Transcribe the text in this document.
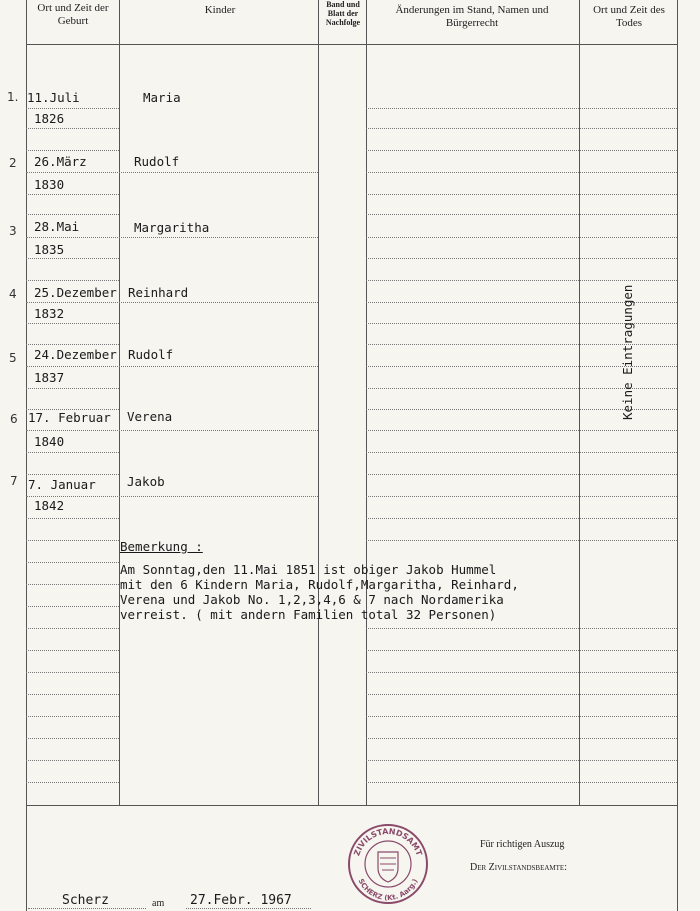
Ort und Zeit der Geburt
Kinder	Band und Blatt der Nachfolge
Änderungen im Stand, Namen und Bürgerrecht
Ort und Zeit des Todes
1. 11.Juli
1826
Maria
2 26.März
1830
Rudolf
3 28.Mai
1835
Margaritha
4 25.Dezember
1832
Reinhard
5 24.Dezember
1837
Rudolf
6 17. Februar
1840
Verena
7 7. Januar
1842
Jakob
Keine Eintragungen
Bemerkung :
Am Sonntag,den 11.Mai 1851 ist obiger Jakob Hummel
mit den 6 Kindern Maria, Rudolf,Margaritha, Reinhard,
Verena und Jakob No. 1,2,3,4,6 & 7 nach Nordamerika
verreist. ( mit andern Familien total 32 Personen)
Für richtigen Auszug
Der Zivilstandsbeamte:
ZIVILSTANDSAMT
SCHERZ (Kt. Aarg.)
Scherz	am 27.Febr. 1967
